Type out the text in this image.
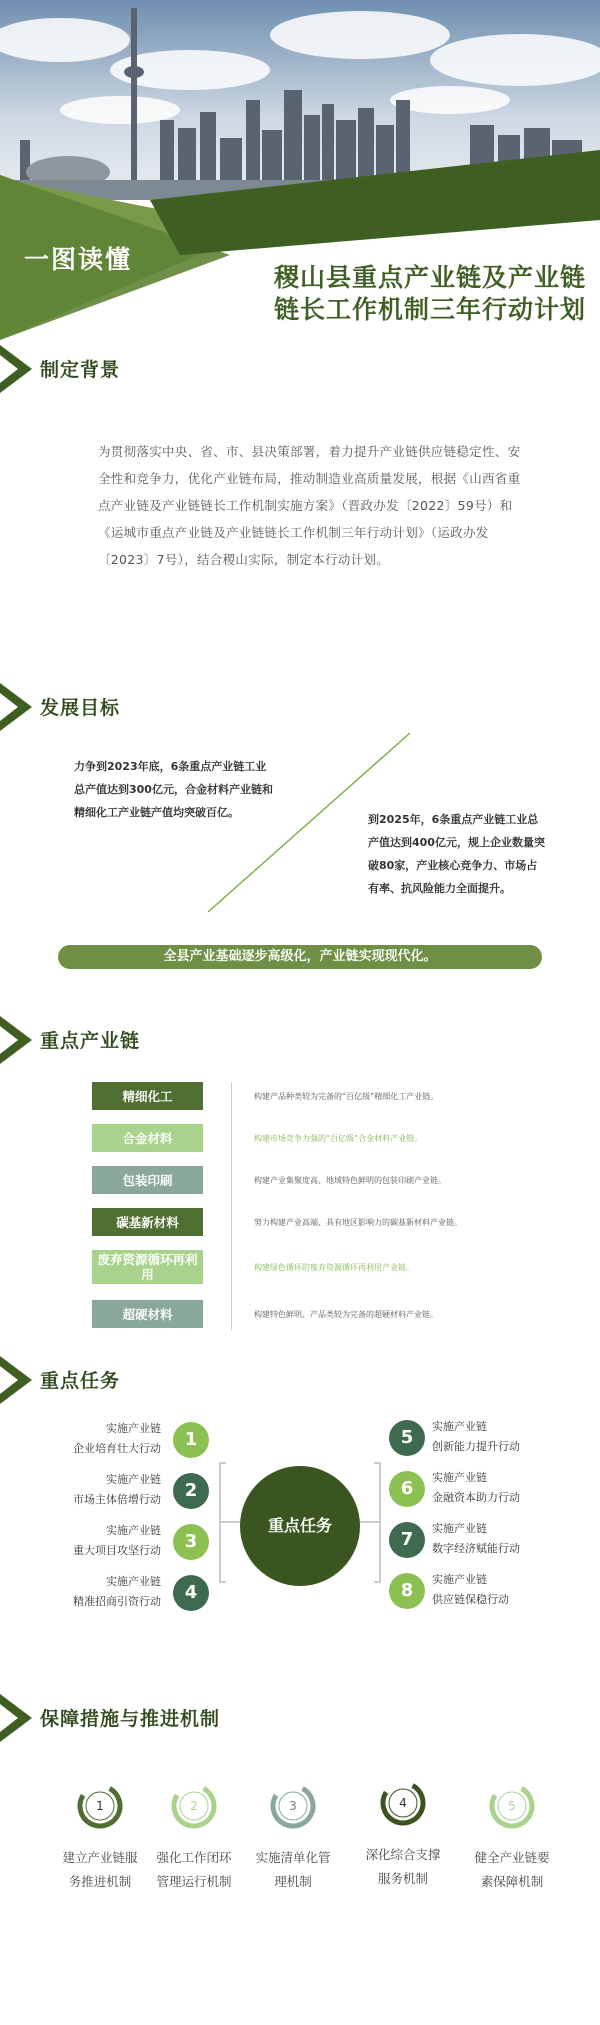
一图读懂
稷山县重点产业链及产业链
链长工作机制三年行动计划
制定背景
为贯彻落实中央、省、市、县决策部署，着力提升产业链供应链稳定性、安全性和竞争力，优化产业链布局，推动制造业高质量发展，根据《山西省重点产业链及产业链链长工作机制实施方案》（晋政办发〔2022〕59号）和《运城市重点产业链及产业链链长工作机制三年行动计划》（运政办发〔2023〕7号），结合稷山实际，制定本行动计划。
发展目标
力争到2023年底，6条重点产业链工业总产值达到300亿元，合金材料产业链和精细化工产业链产值均突破百亿。
到2025年，6条重点产业链工业总产值达到400亿元，规上企业数量突破80家，产业核心竞争力、市场占有率、抗风险能力全面提升。
全县产业基础逐步高级化，产业链实现现代化。
重点产业链
精细化工	构建产品种类较为完备的“百亿级”精细化工产业链。
合金材料	构建市场竞争力强的“百亿级”合金材料产业链。
包装印刷	构建产业集聚度高、地域特色鲜明的包装印刷产业链。
碳基新材料	努力构建产业高端、具有地区影响力的碳基新材料产业链。
废弃资源循环再利用	构建绿色循环的废弃资源循环再利用产业链。
超硬材料	构建特色鲜明、产品类较为完备的超硬材料产业链。
重点任务
重点任务
实施产业链
企业培育壮大行动	1
实施产业链
市场主体倍增行动	2
实施产业链
重大项目攻坚行动	3
实施产业链
精准招商引资行动	4
5
实施产业链
创新能力提升行动
6
实施产业链
金融资本助力行动
7
实施产业链
数字经济赋能行动
8
实施产业链
供应链保稳行动
保障措施与推进机制
1
建立产业链服
务推进机制
2
强化工作闭环
管理运行机制
3
实施清单化管
理机制
4
深化综合支撑
服务机制
5
健全产业链要
素保障机制
